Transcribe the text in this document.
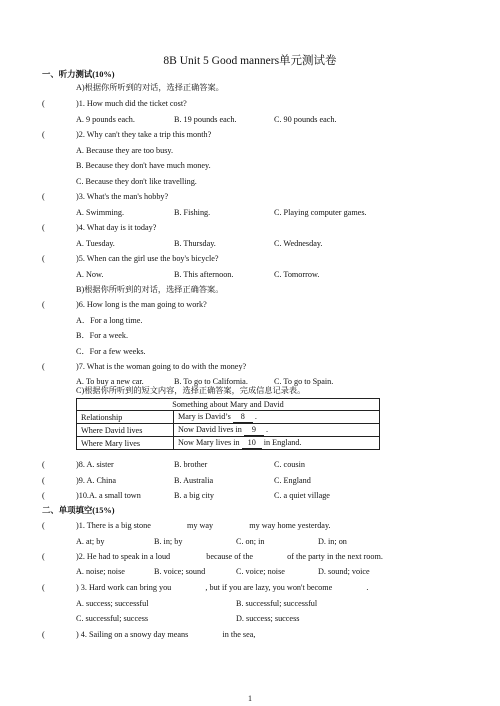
8B Unit 5 Good manners单元测试卷
一、听力测试(10%)
A)根据你所听到的对话，选择正确答案。
( )1. How much did the ticket cost?
A. 9 pounds each.	B. 19 pounds each.	C. 90 pounds each.
( )2. Why can't they take a trip this month?
A. Because they are too busy.
B. Because they don't have much money.
C. Because they don't like travelling.
( )3. What's the man's hobby?
A. Swimming.	B. Fishing.	C. Playing computer games.
( )4. What day is it today?
A. Tuesday.	B. Thursday.	C. Wednesday.
( )5. When can the girl use the boy's bicycle?
A. Now.	B. This afternoon.	C. Tomorrow.
B)根据你所听到的对话，选择正确答案。
( )6. How long is the man going to work?
A．For a long time.
B．For a week.
C．For a few weeks.
( )7. What is the woman going to do with the money?
A. To buy a new car.	B. To go to California.	C. To go to Spain.
C)根据你所听到的短文内容，选择正确答案，完成信息记录表。
Something about Mary and David	
Relationship	Mary is David’s 8 .
Where David lives	Now David lives in 9 .
Where Mary lives	Now Mary lives in 10 in England.
( )8. A. sister	B. brother	C. cousin
( )9. A. China	B. Australia	C. England
( )10.A. a small town	B. a big city	C. a quiet village
二、单项填空(15%)
( )1. There is a big stone	my way	my way home yesterday.
A. at; by	B. in; by	C. on; in	D. in; on
( )2. He had to speak in a loud	because of the	of the party in the next room.
A. noise; noise	B. voice; sound	C. voice; noise	D. sound; voice
( ) 3. Hard work can bring you	, but if you are lazy, you won't become	.
A. success; successful	B. successful; successful
C. successful; success	D. success; success
( ) 4. Sailing on a snowy day means	in the sea,
1
